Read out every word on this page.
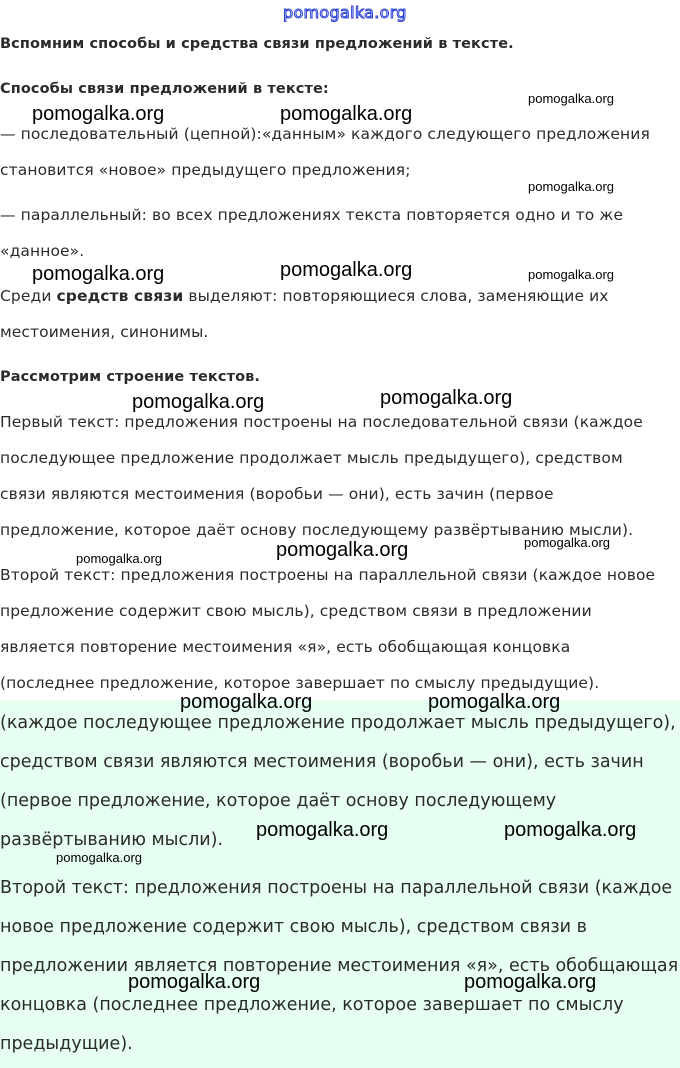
Вспомним способы и средства связи предложений в тексте.
Способы связи предложений в тексте:
— последовательный (цепной):«данным» каждого следующего предложения
становится «новое» предыдущего предложения;
— параллельный: во всех предложениях текста повторяется одно и то же
«данное».
Среди средств связи выделяют: повторяющиеся слова, заменяющие их
местоимения, синонимы.
Рассмотрим строение текстов.
Первый текст: предложения построены на последовательной связи (каждое
последующее предложение продолжает мысль предыдущего), средством
связи являются местоимения (воробьи — они), есть зачин (первое
предложение, которое даёт основу последующему развёртыванию мысли).
Второй текст: предложения построены на параллельной связи (каждое новое
предложение содержит свою мысль), средством связи в предложении
является повторение местоимения «я», есть обобщающая концовка
(последнее предложение, которое завершает по смыслу предыдущие).
(каждое последующее предложение продолжает мысль предыдущего),
средством связи являются местоимения (воробьи — они), есть зачин
(первое предложение, которое даёт основу последующему
развёртыванию мысли).
Второй текст: предложения построены на параллельной связи (каждое
новое предложение содержит свою мысль), средством связи в
предложении является повторение местоимения «я», есть обобщающая
концовка (последнее предложение, которое завершает по смыслу
предыдущие).
pomogalka.org
pomogalka.org	pomogalka.org
pomogalka.org
pomogalka.org
pomogalka.org	pomogalka.org	pomogalka.org
pomogalka.org	pomogalka.org
pomogalka.org	pomogalka.org	pomogalka.org
pomogalka.org	pomogalka.org
pomogalka.org	pomogalka.org
pomogalka.org
pomogalka.org	pomogalka.org
